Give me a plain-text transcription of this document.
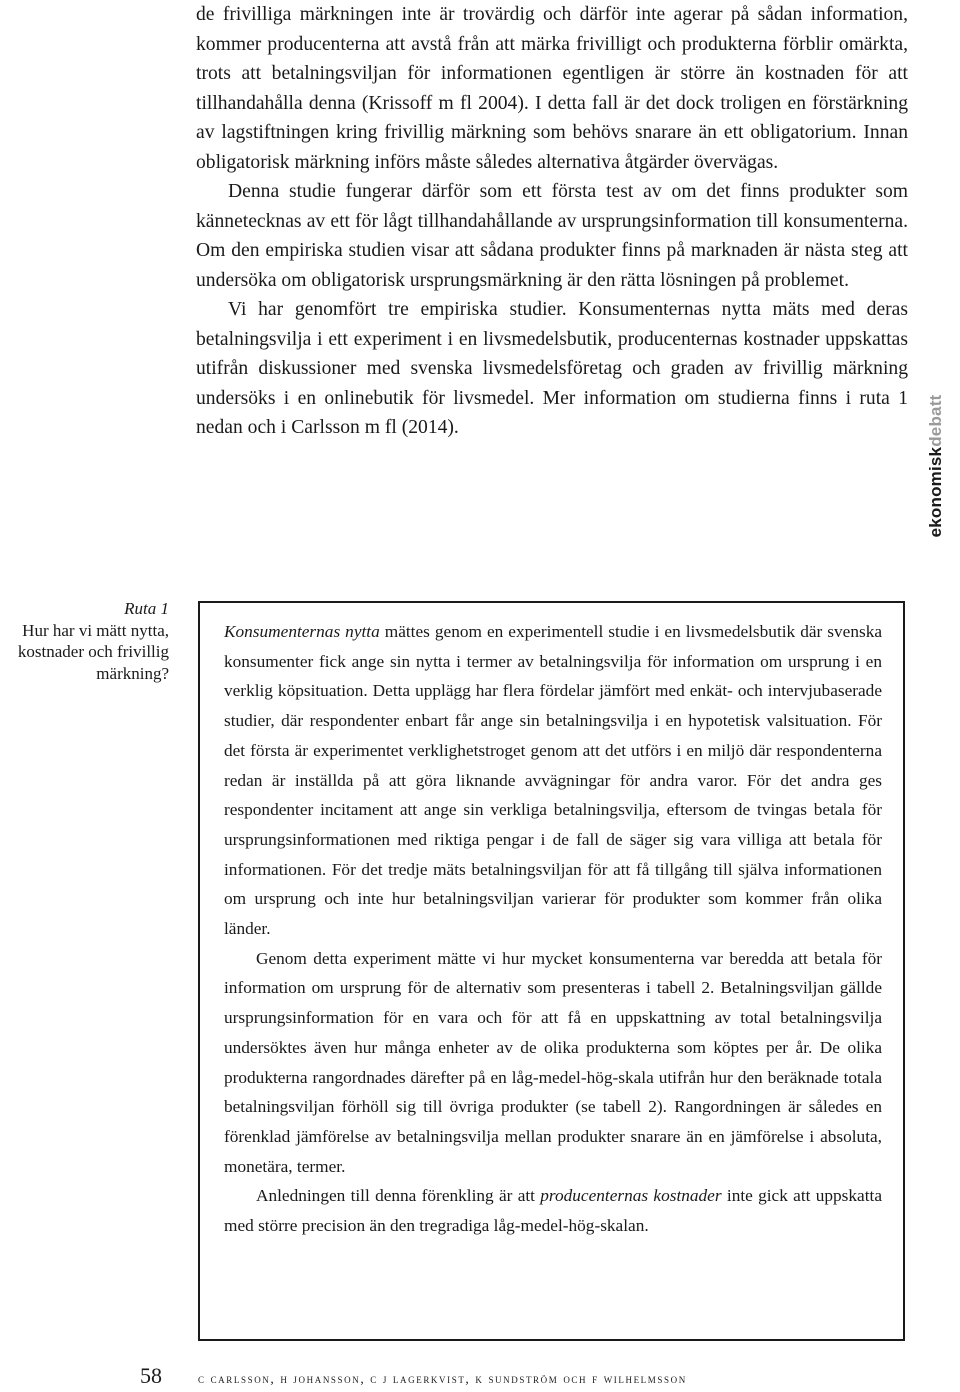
de frivilliga märkningen inte är trovärdig och därför inte agerar på sådan information, kommer producenterna att avstå från att märka frivilligt och produkterna förblir omärkta, trots att betalningsviljan för informationen egentligen är större än kostnaden för att tillhandahålla denna (Krissoff m fl 2004). I detta fall är det dock troligen en förstärkning av lagstiftningen kring frivillig märkning som behövs snarare än ett obligatorium. Innan obligatorisk märkning införs måste således alternativa åtgärder övervägas.

Denna studie fungerar därför som ett första test av om det finns produkter som kännetecknas av ett för lågt tillhandahållande av ursprungsinformation till konsumenterna. Om den empiriska studien visar att sådana produkter finns på marknaden är nästa steg att undersöka om obligatorisk ursprungsmärkning är den rätta lösningen på problemet.

Vi har genomfört tre empiriska studier. Konsumenternas nytta mäts med deras betalningsvilja i ett experiment i en livsmedelsbutik, producenternas kostnader uppskattas utifrån diskussioner med svenska livsmedelsföretag och graden av frivillig märkning undersöks i en onlinebutik för livsmedel. Mer information om studierna finns i ruta 1 nedan och i Carlsson m fl (2014).

ekonomiskdebatt

Ruta 1

Hur har vi mätt nytta, kostnader och frivillig märkning?

Konsumenternas nytta mättes genom en experimentell studie i en livsmedelsbutik där svenska konsumenter fick ange sin nytta i termer av betalningsvilja för information om ursprung i en verklig köpsituation. Detta upplägg har flera fördelar jämfört med enkät- och intervjubaserade studier, där respondenter enbart får ange sin betalningsvilja i en hypotetisk valsituation. För det första är experimentet verklighetstroget genom att det utförs i en miljö där respondenterna redan är inställda på att göra liknande avvägningar för andra varor. För det andra ges respondenter incitament att ange sin verkliga betalningsvilja, eftersom de tvingas betala för ursprungsinformationen med riktiga pengar i de fall de säger sig vara villiga att betala för informationen. För det tredje mäts betalningsviljan för att få tillgång till själva informationen om ursprung och inte hur betalningsviljan varierar för produkter som kommer från olika länder.

Genom detta experiment mätte vi hur mycket konsumenterna var beredda att betala för information om ursprung för de alternativ som presenteras i tabell 2. Betalningsviljan gällde ursprungsinformation för en vara och för att få en uppskattning av total betalningsvilja undersöktes även hur många enheter av de olika produkterna som köptes per år. De olika produkterna rangordnades därefter på en låg-medel-hög-skala utifrån hur den beräknade totala betalningsviljan förhöll sig till övriga produkter (se tabell 2). Rangordningen är således en förenklad jämförelse av betalningsvilja mellan produkter snarare än en jämförelse i absoluta, monetära, termer.

Anledningen till denna förenkling är att producenternas kostnader inte gick att uppskatta med större precision än den tregradiga låg-medel-hög-skalan.

58	c carlsson, h johansson, c j lagerkvist, k sundström och f wilhelmsson
